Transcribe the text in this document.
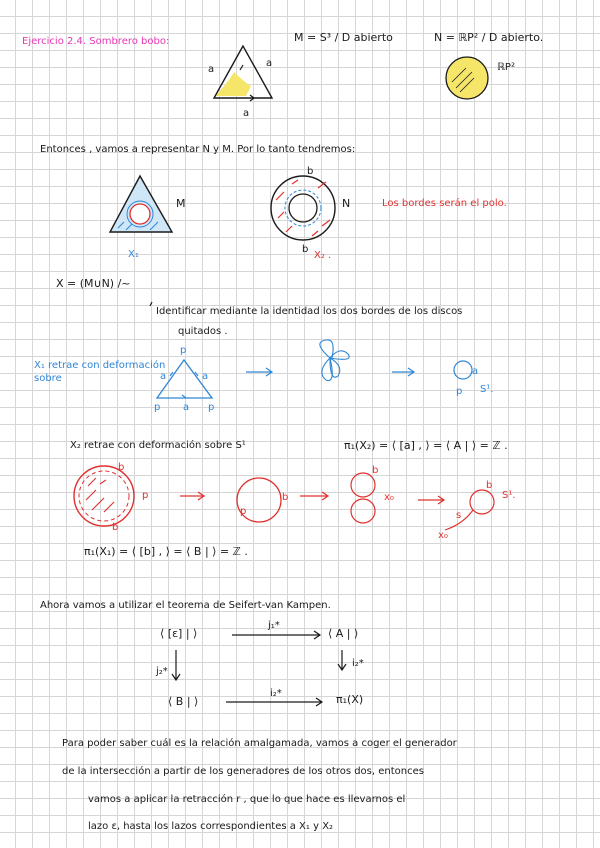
Ejercicio 2.4. Sombrero bobo:	M = S³ / D abierto	N = ℝP² / D abierto.
ℝP²
a
a
a
Entonces , vamos a representar N y M. Por lo tanto tendremos:
M	N
X₁	X₂ .
Los bordes serán el polo.
b
b
X = (M∪N) /~
Identificar mediante la identidad los dos bordes de los discos
quitados .
X₁ retrae con deformación
sobre
p
a	a
p a p
a
p S¹.
X₂ retrae con deformación sobre S¹	π₁(X₂) = ⟨ [a] , ⟩ = ⟨ A | ⟩ = ℤ .
b
p
b
p
b
b
x₀
b
S¹.
s
x₀
π₁(X₁) = ⟨ [b] , ⟩ = ⟨ B | ⟩ = ℤ .
Ahora vamos a utilizar el teorema de Seifert-van Kampen.
⟨ [ε] | ⟩	⟨ A | ⟩
⟨ B | ⟩	π₁(X)
j₁*
i₂*
j₂*
i₂*
Para poder saber cuál es la relación amalgamada, vamos a coger el generador
de la intersección a partir de los generadores de los otros dos, entonces
vamos a aplicar la retracción r , que lo que hace es llevarnos el
lazo ε, hasta los lazos correspondientes a X₁ y X₂
